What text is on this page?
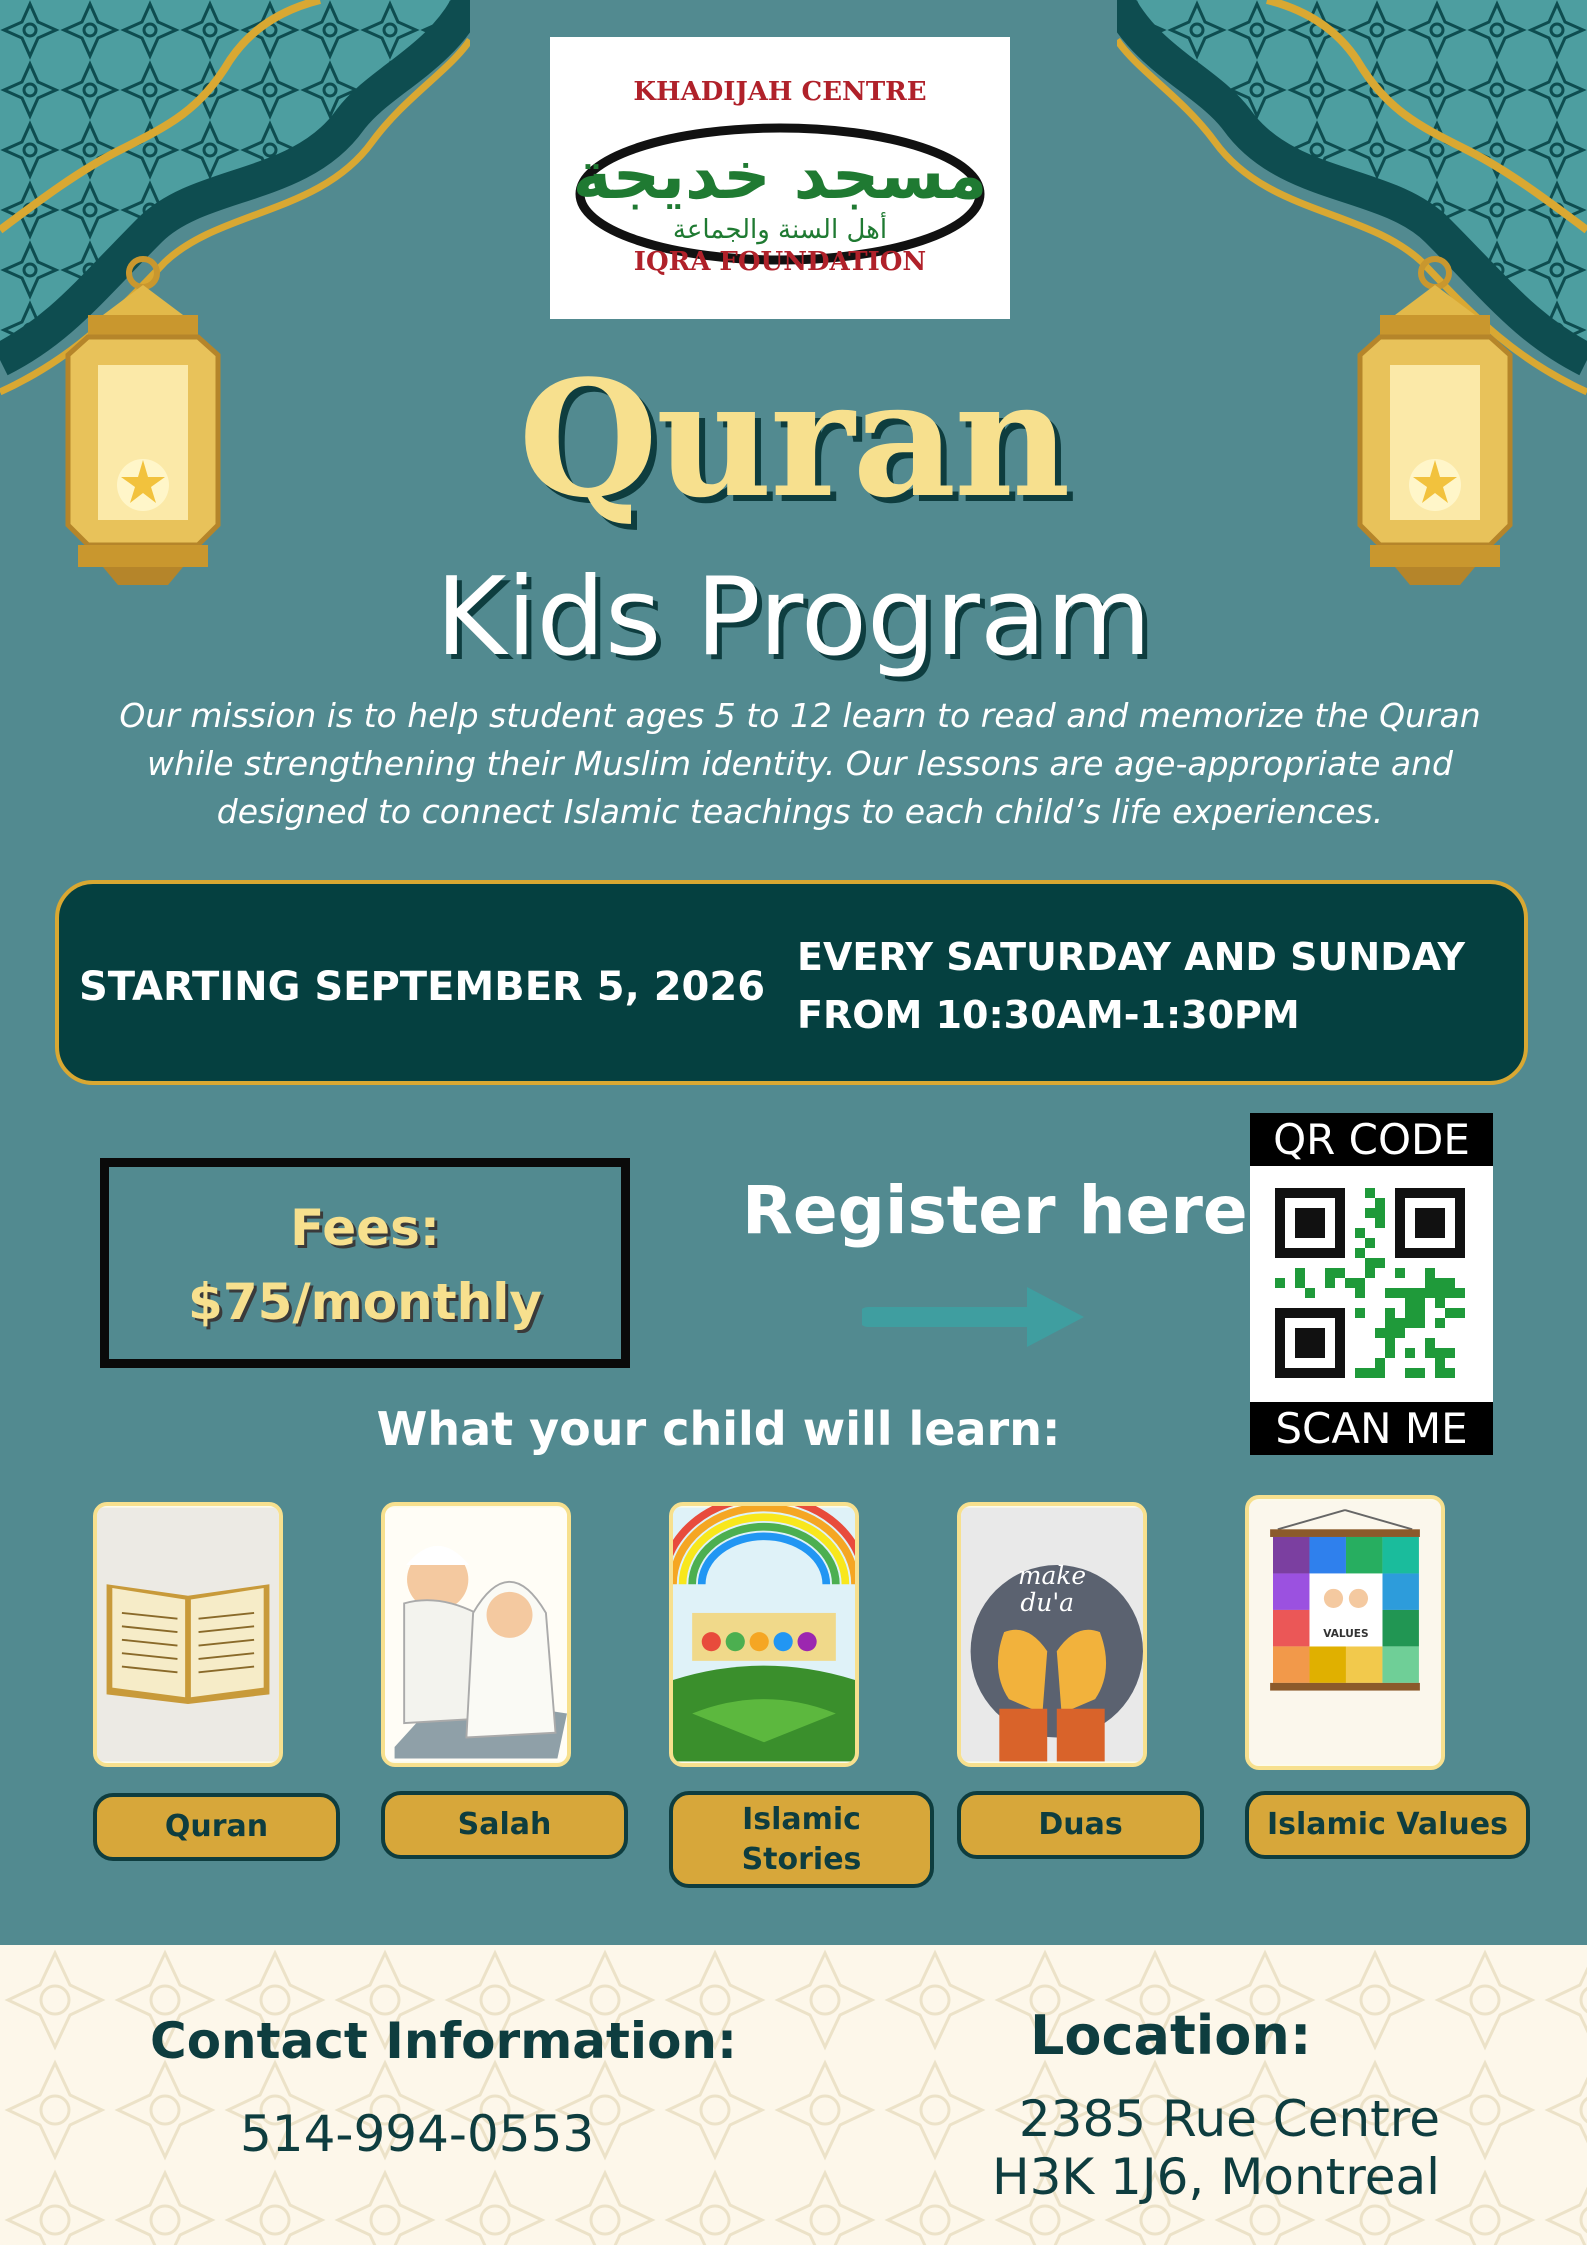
KHADIJAH CENTRE
مسجد خديجة
أهل السنة والجماعة
IQRA FOUNDATION
Quran
Kids Program
Our mission is to help student ages 5 to 12 learn to read and memorize the Quran while strengthening their Muslim identity. Our lessons are age-appropriate and designed to connect Islamic teachings to each child’s life experiences.
STARTING SEPTEMBER 5, 2026
EVERY SATURDAY AND SUNDAY
FROM 10:30AM-1:30PM
Fees:
$75/monthly
Register here
QR CODE
SCAN ME
What your child will learn:
make
du'a
VALUES
Quran	Salah	Islamic Stories
Duas	Islamic Values
Contact Information:
514-994-0553
Location:
2385 Rue Centre
H3K 1J6, Montreal
